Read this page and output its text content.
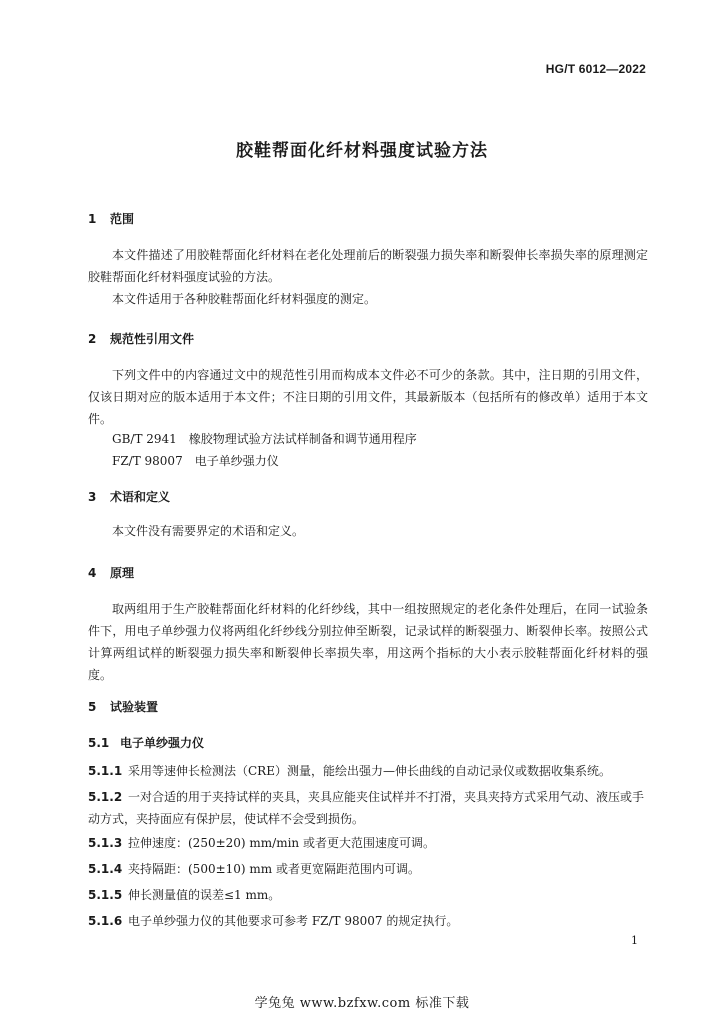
HG/T 6012—2022
胶鞋帮面化纤材料强度试验方法
1 范围
本文件描述了用胶鞋帮面化纤材料在老化处理前后的断裂强力损失率和断裂伸长率损失率的原理测定胶鞋帮面化纤材料强度试验的方法。
本文件适用于各种胶鞋帮面化纤材料强度的测定。
2 规范性引用文件
下列文件中的内容通过文中的规范性引用而构成本文件必不可少的条款。其中，注日期的引用文件，仅该日期对应的版本适用于本文件；不注日期的引用文件，其最新版本（包括所有的修改单）适用于本文件。
GB/T 2941　橡胶物理试验方法试样制备和调节通用程序
FZ/T 98007　电子单纱强力仪
3 术语和定义
本文件没有需要界定的术语和定义。
4 原理
取两组用于生产胶鞋帮面化纤材料的化纤纱线，其中一组按照规定的老化条件处理后，在同一试验条件下，用电子单纱强力仪将两组化纤纱线分别拉伸至断裂，记录试样的断裂强力、断裂伸长率。按照公式计算两组试样的断裂强力损失率和断裂伸长率损失率，用这两个指标的大小表示胶鞋帮面化纤材料的强度。
5 试验装置
5.1 电子单纱强力仪
5.1.1 采用等速伸长检测法（CRE）测量，能绘出强力—伸长曲线的自动记录仪或数据收集系统。
5.1.2 一对合适的用于夹持试样的夹具，夹具应能夹住试样并不打滑，夹具夹持方式采用气动、液压或手动方式，夹持面应有保护层，使试样不会受到损伤。
5.1.3 拉伸速度：(250±20) mm/min 或者更大范围速度可调。
5.1.4 夹持隔距：(500±10) mm 或者更宽隔距范围内可调。
5.1.5 伸长测量值的误差≤1 mm。
5.1.6 电子单纱强力仪的其他要求可参考 FZ/T 98007 的规定执行。
1
学兔兔 www.bzfxw.com 标准下载
